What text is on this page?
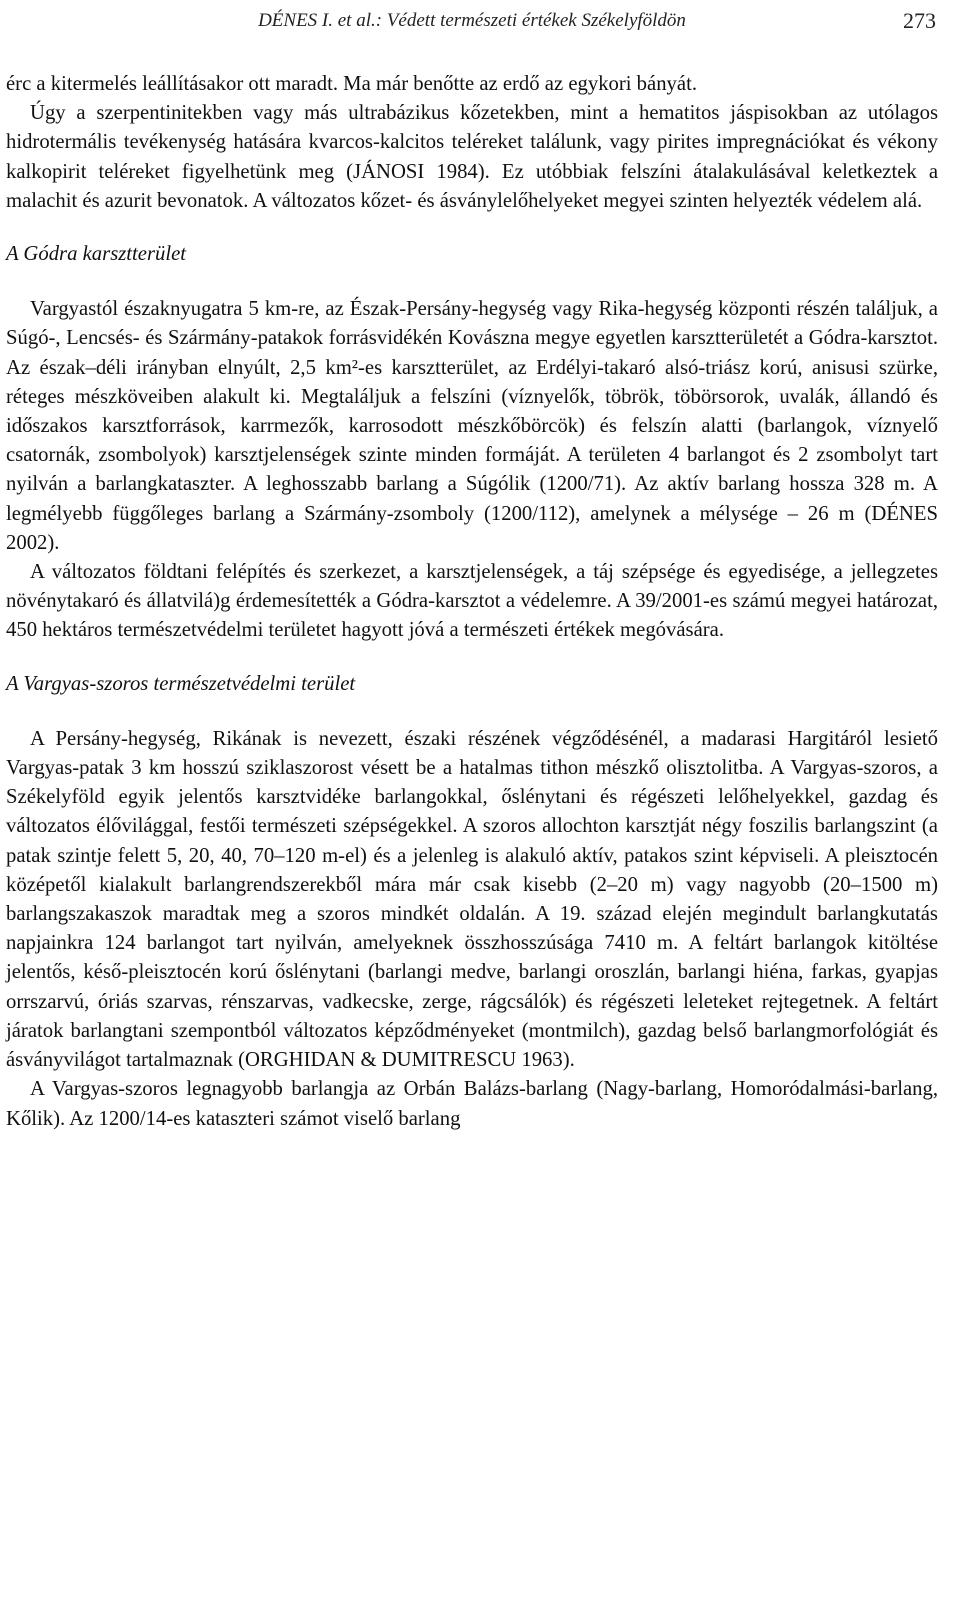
DÉNES I. et al.: Védett természeti értékek Székelyföldön	273

érc a kitermelés leállításakor ott maradt. Ma már benőtte az erdő az egykori bányát.

Úgy a szerpentinitekben vagy más ultrabázikus kőzetekben, mint a hematitos jáspisokban az utólagos hidrotermális tevékenység hatására kvarcos-kalcitos teléreket találunk, vagy pirites impregnációkat és vékony kalkopirit teléreket figyelhetünk meg (JÁNOSI 1984). Ez utóbbiak felszíni átalakulásával keletkeztek a malachit és azurit bevonatok. A változatos kőzet- és ásványlelőhelyeket megyei szinten helyezték védelem alá.

A Gódra karsztterület

Vargyastól északnyugatra 5 km-re, az Észak-Persány-hegység vagy Rika-hegység központi részén találjuk, a Súgó-, Lencsés- és Szármány-patakok forrásvidékén Kovászna megye egyetlen karsztterületét a Gódra-karsztot. Az észak–déli irányban elnyúlt, 2,5 km²-es karsztterület, az Erdélyi-takaró alsó-triász korú, anisusi szürke, réteges mészköveiben alakult ki. Megtaláljuk a felszíni (víznyelők, töbrök, töbörsorok, uvalák, állandó és időszakos karsztforrások, karrmezők, karrosodott mészkőbörcök) és felszín alatti (barlangok, víznyelő csatornák, zsombolyok) karsztjelenségek szinte minden formáját. A területen 4 barlangot és 2 zsombolyt tart nyilván a barlangkataszter. A leghosszabb barlang a Súgólik (1200/71). Az aktív barlang hossza 328 m. A legmélyebb függőleges barlang a Szármány-zsomboly (1200/112), amelynek a mélysége – 26 m (DÉNES 2002).

A változatos földtani felépítés és szerkezet, a karsztjelenségek, a táj szépsége és egyedisége, a jellegzetes növénytakaró és állatvilá)g érdemesítették a Gódra-karsztot a védelemre. A 39/2001-es számú megyei határozat, 450 hektáros természetvédelmi területet hagyott jóvá a természeti értékek megóvására.

A Vargyas-szoros természetvédelmi terület

A Persány-hegység, Rikának is nevezett, északi részének végződésénél, a madarasi Hargitáról lesiető Vargyas-patak 3 km hosszú sziklaszorost vésett be a hatalmas tithon mészkő olisztolitba. A Vargyas-szoros, a Székelyföld egyik jelentős karsztvidéke barlangokkal, őslénytani és régészeti lelőhelyekkel, gazdag és változatos élővilággal, festői természeti szépségekkel. A szoros allochton karsztját négy foszilis barlangszint (a patak szintje felett 5, 20, 40, 70–120 m-el) és a jelenleg is alakuló aktív, patakos szint képviseli. A pleisztocén középetől kialakult barlangrendszerekből mára már csak kisebb (2–20 m) vagy nagyobb (20–1500 m) barlangszakaszok maradtak meg a szoros mindkét oldalán. A 19. század elején megindult barlangkutatás napjainkra 124 barlangot tart nyilván, amelyeknek összhosszúsága 7410 m. A feltárt barlangok kitöltése jelentős, késő-pleisztocén korú őslénytani (barlangi medve, barlangi oroszlán, barlangi hiéna, farkas, gyapjas orrszarvú, óriás szarvas, rénszarvas, vadkecske, zerge, rágcsálók) és régészeti leleteket rejtegetnek. A feltárt járatok barlangtani szempontból változatos képződményeket (montmilch), gazdag belső barlangmorfológiát és ásványvilágot tartalmaznak (ORGHIDAN & DUMITRESCU 1963).

A Vargyas-szoros legnagyobb barlangja az Orbán Balázs-barlang (Nagy-barlang, Homoródalmási-barlang, Kőlik). Az 1200/14-es kataszteri számot viselő barlang
